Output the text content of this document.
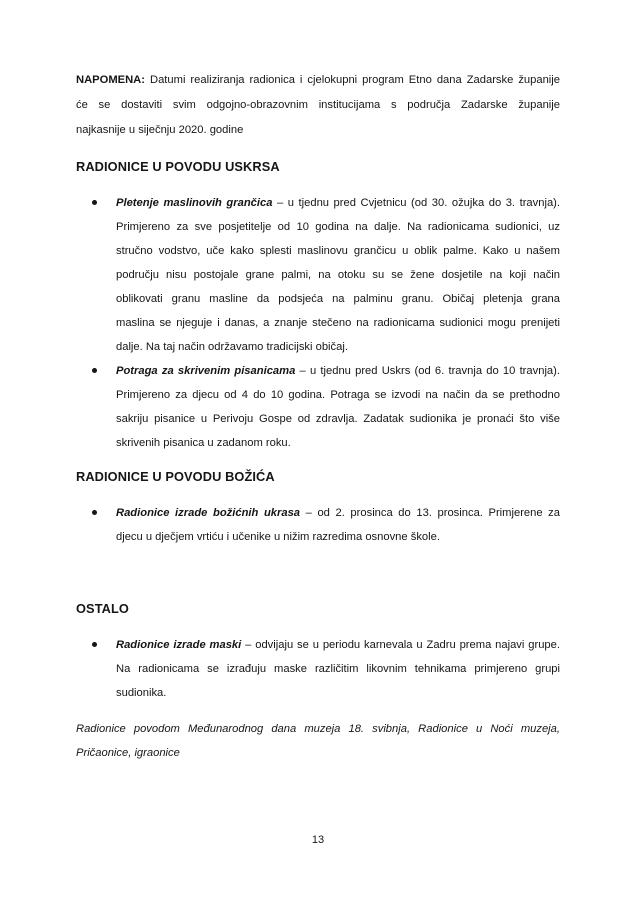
NAPOMENA: Datumi realiziranja radionica i cjelokupni program Etno dana Zadarske županije
će se dostaviti svim odgojno-obrazovnim institucijama s područja Zadarske županije
najkasnije u siječnju 2020. godine
RADIONICE U POVODU USKRSA
Pletenje maslinovih grančica – u tjednu pred Cvjetnicu (od 30. ožujka do 3. travnja).
Primjereno za sve posjetitelje od 10 godina na dalje. Na radionicama sudionici, uz
stručno vodstvo, uče kako splesti maslinovu grančicu u oblik palme. Kako u našem
području nisu postojale grane palmi, na otoku su se žene dosjetile na koji način
oblikovati granu masline da podsjeća na palminu granu. Običaj pletenja grana
maslina se njeguje i danas, a znanje stečeno na radionicama sudionici mogu prenijeti
dalje. Na taj način održavamo tradicijski običaj.
Potraga za skrivenim pisanicama – u tjednu pred Uskrs (od 6. travnja do 10 travnja).
Primjereno za djecu od 4 do 10 godina. Potraga se izvodi na način da se prethodno
sakriju pisanice u Perivoju Gospe od zdravlja. Zadatak sudionika je pronaći što više
skrivenih pisanica u zadanom roku.
RADIONICE U POVODU BOŽIĆA
Radionice izrade božićnih ukrasa – od 2. prosinca do 13. prosinca. Primjerene za
djecu u dječjem vrtiću i učenike u nižim razredima osnovne škole.
OSTALO
Radionice izrade maski – odvijaju se u periodu karnevala u Zadru prema najavi grupe.
Na radionicama se izrađuju maske različitim likovnim tehnikama primjereno grupi
sudionika.
Radionice povodom Međunarodnog dana muzeja 18. svibnja, Radionice u Noći muzeja,
Pričaonice, igraonice
13
